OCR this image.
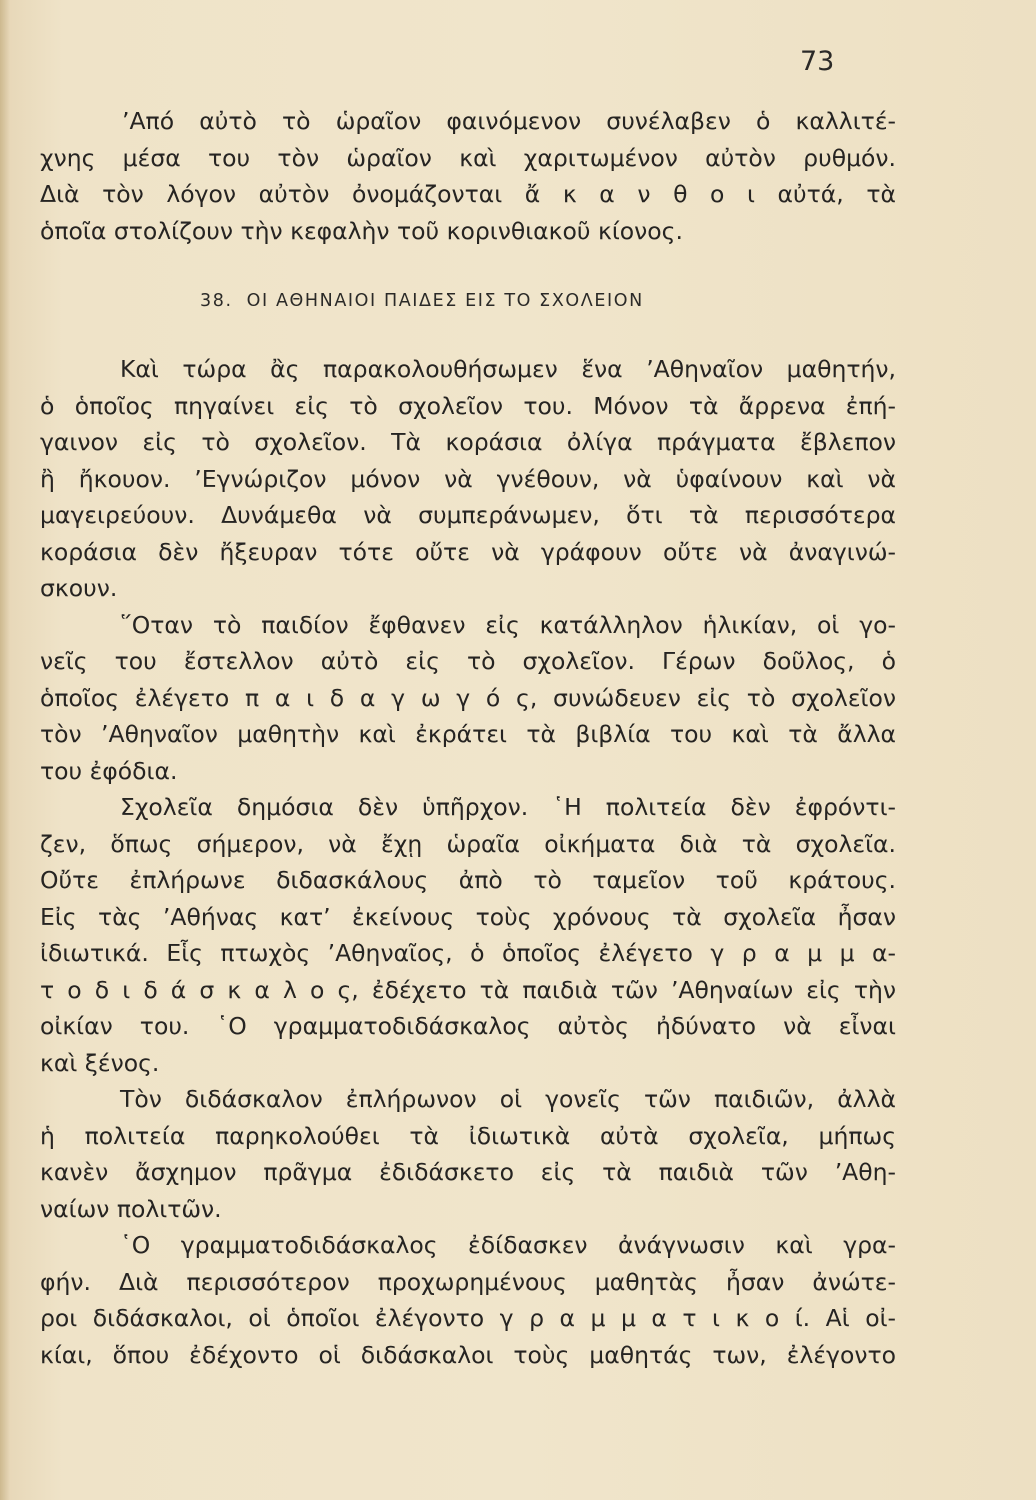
73
’Από αὐτὸ τὸ ὡραῖον φαινόμενον συνέλαβεν ὁ καλλιτέ-
χνης μέσα του τὸν ὡραῖον καὶ χαριτωμένον αὐτὸν ρυθμόν.
Διὰ τὸν λόγον αὐτὸν ὀνομάζονται ἄ κ α ν θ ο ι αὐτά, τὰ
ὁποῖα στολίζουν τὴν κεφαλὴν τοῦ κορινθιακοῦ κίονος.
38. ΟΙ ΑΘΗΝΑΙΟΙ ΠΑΙΔΕΣ ΕΙΣ ΤΟ ΣΧΟΛΕΙΟΝ
Καὶ τώρα ἂς παρακολουθήσωμεν ἕνα ’Αθηναῖον μαθητήν,
ὁ ὁποῖος πηγαίνει εἰς τὸ σχολεῖον του. Μόνον τὰ ἄρρενα ἐπή-
γαινον εἰς τὸ σχολεῖον. Τὰ κοράσια ὀλίγα πράγματα ἔβλεπον
ἢ ἤκουον. ’Εγνώριζον μόνον νὰ γνέθουν, νὰ ὑφαίνουν καὶ νὰ
μαγειρεύουν. Δυνάμεθα νὰ συμπεράνωμεν, ὅτι τὰ περισσότερα
κοράσια δὲν ἤξευραν τότε οὔτε νὰ γράφουν οὔτε νὰ ἀναγινώ-
σκουν.
῞Οταν τὸ παιδίον ἔφθανεν εἰς κατάλληλον ἡλικίαν, οἱ γο-
νεῖς του ἔστελλον αὐτὸ εἰς τὸ σχολεῖον. Γέρων δοῦλος, ὁ
ὁποῖος ἐλέγετο π α ι δ α γ ω γ ό ς, συνώδευεν εἰς τὸ σχολεῖον
τὸν ’Αθηναῖον μαθητὴν καὶ ἐκράτει τὰ βιβλία του καὶ τὰ ἄλλα
του ἐφόδια.
Σχολεῖα δημόσια δὲν ὑπῆρχον. ῾Η πολιτεία δὲν ἐφρόντι-
ζεν, ὅπως σήμερον, νὰ ἔχῃ ὡραῖα οἰκήματα διὰ τὰ σχολεῖα.
Οὔτε ἐπλήρωνε διδασκάλους ἀπὸ τὸ ταμεῖον τοῦ κράτους.
Εἰς τὰς ’Αθήνας κατ’ ἐκείνους τοὺς χρόνους τὰ σχολεῖα ἦσαν
ἰδιωτικά. Εἷς πτωχὸς ’Αθηναῖος, ὁ ὁποῖος ἐλέγετο γ ρ α μ μ α-
τ ο δ ι δ ά σ κ α λ ο ς, ἐδέχετο τὰ παιδιὰ τῶν ’Αθηναίων εἰς τὴν
οἰκίαν του. ῾Ο γραμματοδιδάσκαλος αὐτὸς ἠδύνατο νὰ εἶναι
καὶ ξένος.
Τὸν διδάσκαλον ἐπλήρωνον οἱ γονεῖς τῶν παιδιῶν, ἀλλὰ
ἡ πολιτεία παρηκολούθει τὰ ἰδιωτικὰ αὐτὰ σχολεῖα, μήπως
κανὲν ἄσχημον πρᾶγμα ἐδιδάσκετο εἰς τὰ παιδιὰ τῶν ’Αθη-
ναίων πολιτῶν.
῾Ο γραμματοδιδάσκαλος ἐδίδασκεν ἀνάγνωσιν καὶ γρα-
φήν. Διὰ περισσότερον προχωρημένους μαθητὰς ἦσαν ἀνώτε-
ροι διδάσκαλοι, οἱ ὁποῖοι ἐλέγοντο γ ρ α μ μ α τ ι κ ο ί. Αἱ οἰ-
κίαι, ὅπου ἐδέχοντο οἱ διδάσκαλοι τοὺς μαθητάς των, ἐλέγοντο
